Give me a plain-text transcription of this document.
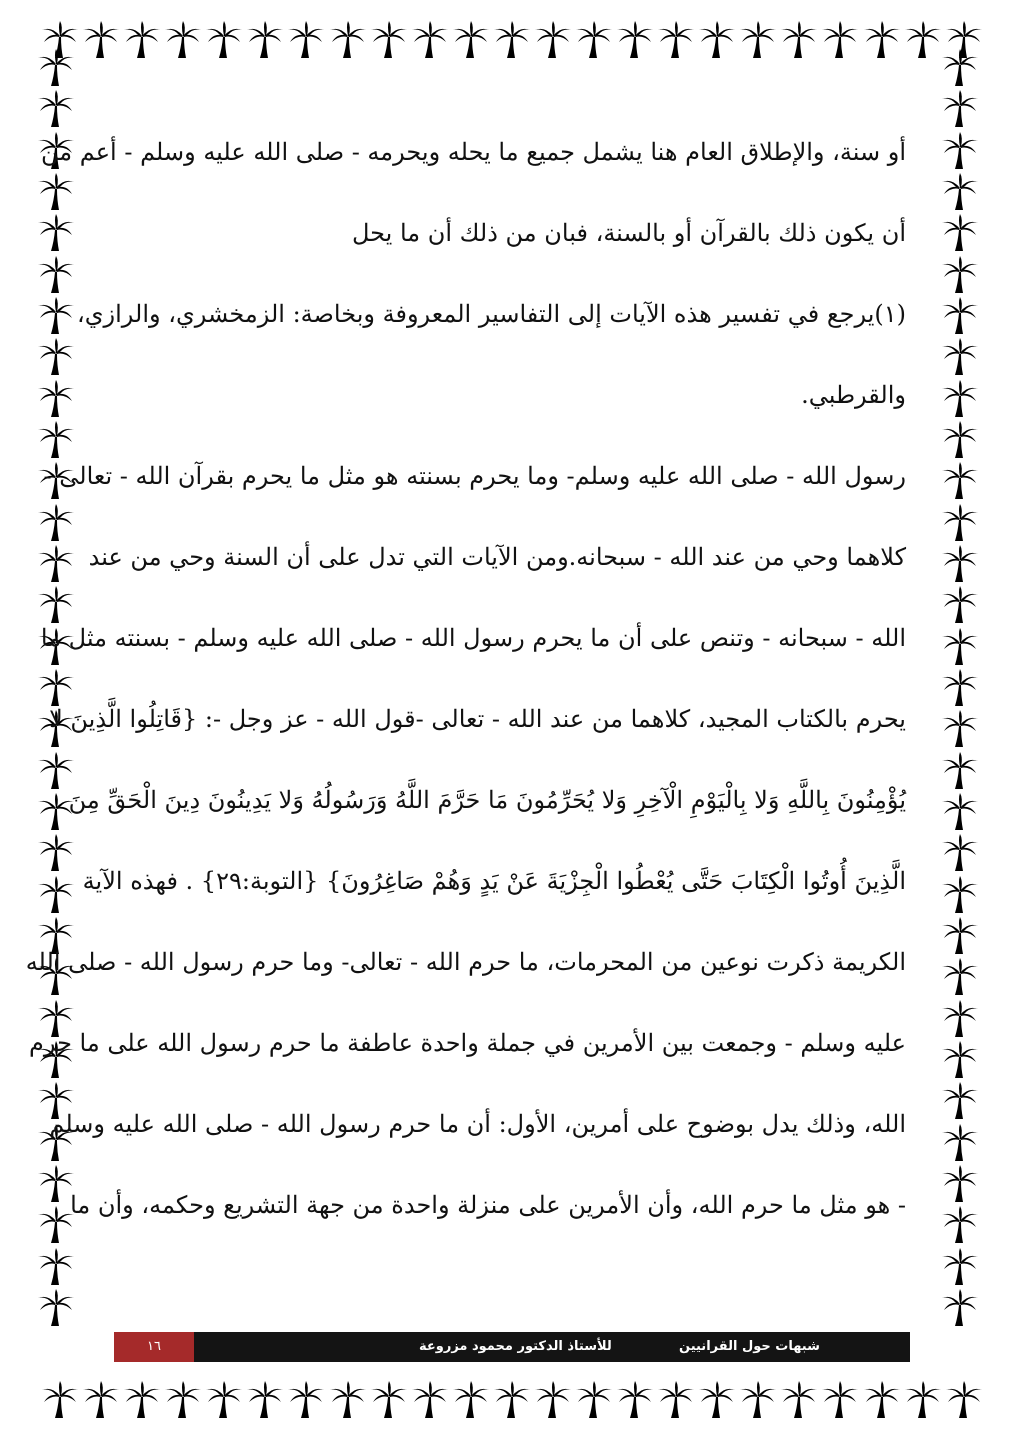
أو سنة، والإطلاق العام هنا يشمل جميع ما يحله ويحرمه - صلى الله عليه وسلم - أعم من
أن يكون ذلك بالقرآن أو بالسنة، فبان من ذلك أن ما يحل
(١)يرجع في تفسير هذه الآيات إلى التفاسير المعروفة وبخاصة: الزمخشري، والرازي،
والقرطبي.
رسول الله - صلى الله عليه وسلم- وما يحرم بسنته هو مثل ما يحرم بقرآن الله - تعالى -
كلاهما وحي من عند الله - سبحانه.ومن الآيات التي تدل على أن السنة وحي من عند
الله - سبحانه - وتنص على أن ما يحرم رسول الله - صلى الله عليه وسلم - بسنته مثل ما
يحرم بالكتاب المجيد، كلاهما من عند الله - تعالى -قول الله - عز وجل -: {قَاتِلُوا الَّذِينَ لا
يُؤْمِنُونَ بِاللَّهِ وَلا بِالْيَوْمِ الْآخِرِ وَلا يُحَرِّمُونَ مَا حَرَّمَ اللَّهُ وَرَسُولُهُ وَلا يَدِينُونَ دِينَ الْحَقِّ مِنَ
الَّذِينَ أُوتُوا الْكِتَابَ حَتَّى يُعْطُوا الْجِزْيَةَ عَنْ يَدٍ وَهُمْ صَاغِرُونَ} {التوبة:٢٩} . فهذه الآية
الكريمة ذكرت نوعين من المحرمات، ما حرم الله - تعالى- وما حرم رسول الله - صلى الله
عليه وسلم - وجمعت بين الأمرين في جملة واحدة عاطفة ما حرم رسول الله على ما حرم
الله، وذلك يدل بوضوح على أمرين، الأول: أن ما حرم رسول الله - صلى الله عليه وسلم
- هو مثل ما حرم الله، وأن الأمرين على منزلة واحدة من جهة التشريع وحكمه، وأن ما
١٦	للأستاذ الدكتور محمود مزروعة	شبهات حول القرانيين
